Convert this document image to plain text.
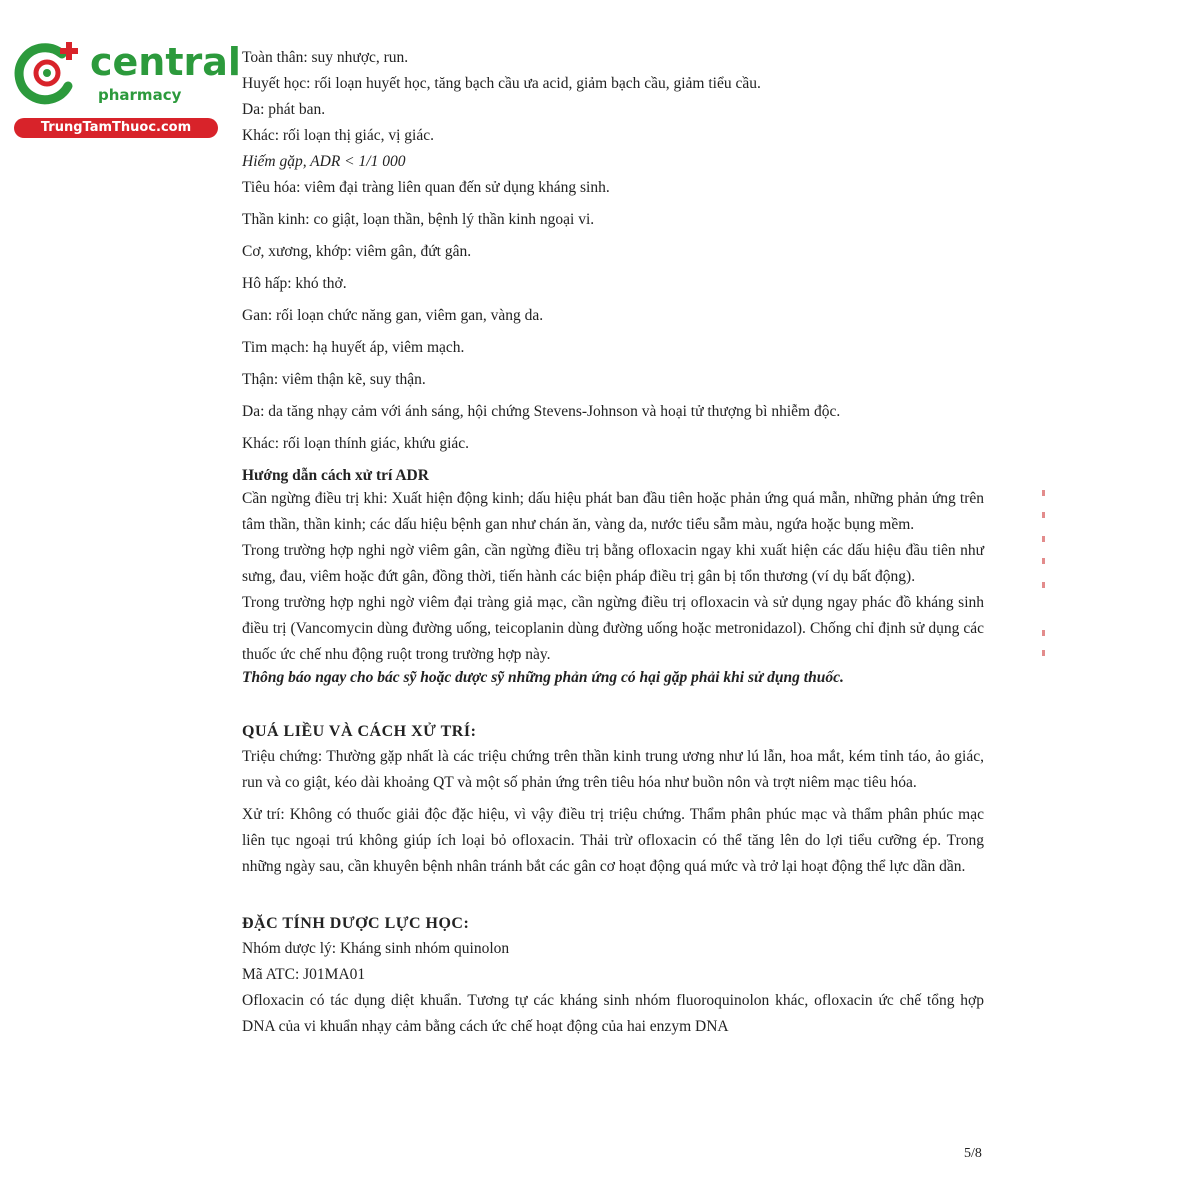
central
pharmacy
TrungTamThuoc.com

Toàn thân: suy nhược, run.

Huyết học: rối loạn huyết học, tăng bạch cầu ưa acid, giảm bạch cầu, giảm tiểu cầu.

Da: phát ban.

Khác: rối loạn thị giác, vị giác.

Hiếm gặp, ADR < 1/1 000

Tiêu hóa: viêm đại tràng liên quan đến sử dụng kháng sinh.

Thần kinh: co giật, loạn thần, bệnh lý thần kinh ngoại vi.

Cơ, xương, khớp: viêm gân, đứt gân.

Hô hấp: khó thở.

Gan: rối loạn chức năng gan, viêm gan, vàng da.

Tim mạch: hạ huyết áp, viêm mạch.

Thận: viêm thận kẽ, suy thận.

Da: da tăng nhạy cảm với ánh sáng, hội chứng Stevens-Johnson và hoại tử thượng bì nhiễm độc.

Khác: rối loạn thính giác, khứu giác.

Hướng dẫn cách xử trí ADR

Cần ngừng điều trị khi: Xuất hiện động kinh; dấu hiệu phát ban đầu tiên hoặc phản ứng quá mẫn, những phản ứng trên tâm thần, thần kinh; các dấu hiệu bệnh gan như chán ăn, vàng da, nước tiểu sẫm màu, ngứa hoặc bụng mềm.

Trong trường hợp nghi ngờ viêm gân, cần ngừng điều trị bằng ofloxacin ngay khi xuất hiện các dấu hiệu đầu tiên như sưng, đau, viêm hoặc đứt gân, đồng thời, tiến hành các biện pháp điều trị gân bị tổn thương (ví dụ bất động).

Trong trường hợp nghi ngờ viêm đại tràng giả mạc, cần ngừng điều trị ofloxacin và sử dụng ngay phác đồ kháng sinh điều trị (Vancomycin dùng đường uống, teicoplanin dùng đường uống hoặc metronidazol). Chống chỉ định sử dụng các thuốc ức chế nhu động ruột trong trường hợp này.

Thông báo ngay cho bác sỹ hoặc dược sỹ những phản ứng có hại gặp phải khi sử dụng thuốc.

QUÁ LIỀU VÀ CÁCH XỬ TRÍ:

Triệu chứng: Thường gặp nhất là các triệu chứng trên thần kinh trung ương như lú lẫn, hoa mắt, kém tỉnh táo, ảo giác, run và co giật, kéo dài khoảng QT và một số phản ứng trên tiêu hóa như buồn nôn và trợt niêm mạc tiêu hóa.

Xử trí: Không có thuốc giải độc đặc hiệu, vì vậy điều trị triệu chứng. Thẩm phân phúc mạc và thẩm phân phúc mạc liên tục ngoại trú không giúp ích loại bỏ ofloxacin. Thải trừ ofloxacin có thể tăng lên do lợi tiểu cưỡng ép. Trong những ngày sau, cần khuyên bệnh nhân tránh bắt các gân cơ hoạt động quá mức và trở lại hoạt động thể lực dần dần.

ĐẶC TÍNH DƯỢC LỰC HỌC:

Nhóm dược lý: Kháng sinh nhóm quinolon

Mã ATC: J01MA01

Ofloxacin có tác dụng diệt khuẩn. Tương tự các kháng sinh nhóm fluoroquinolon khác, ofloxacin ức chế tổng hợp DNA của vi khuẩn nhạy cảm bằng cách ức chế hoạt động của hai enzym DNA

5/8
